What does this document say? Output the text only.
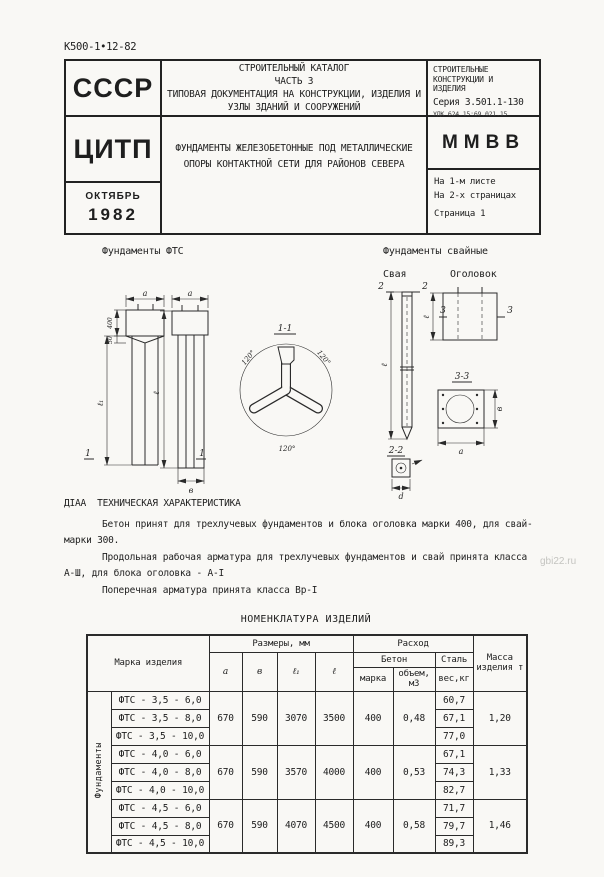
К500-1•12-82
СССР
ЦИТП
ОКТЯБРЬ
1982
СТРОИТЕЛЬНЫЙ КАТАЛОГ
ЧАСТЬ 3
ТИПОВАЯ ДОКУМЕНТАЦИЯ НА КОНСТРУКЦИИ, ИЗДЕЛИЯ И
УЗЛЫ ЗДАНИЙ И СООРУЖЕНИЙ
ФУНДАМЕНТЫ ЖЕЛЕЗОБЕТОННЫЕ ПОД МЕТАЛЛИЧЕСКИЕ
ОПОРЫ КОНТАКТНОЙ СЕТИ ДЛЯ РАЙОНОВ СЕВЕРА
СТРОИТЕЛЬНЫЕ
КОНСТРУКЦИИ И
ИЗДЕЛИЯ
Серия 3.501.1-130
УДК 624.15:69.021.15
ММВВ
На 1-м листе
На 2-х страницах
Страница 1
Фундаменты ФТС	Фундаменты свайные
Свая	Оголовок
а
400
30
ℓ₁
1	1
а
ℓ
в
1-1
120°	120°
120°
2	2
ℓ
2-2
d
ℓ
3	3
3-3
а
в
ДIAA  ТЕХНИЧЕСКАЯ ХАРАКТЕРИСТИКА
Бетон принят для трехлучевых фундаментов и блока оголовка марки 400, для свай-
марки 300.
Продольная рабочая арматура для трехлучевых фундаментов и свай принята класса
А-Ш, для блока оголовка - А-I
Поперечная арматура принята класса Вр-I
gbi22.ru
НОМЕНКЛАТУРА ИЗДЕЛИЙ
Марка изделия		Размеры, мм				Расход			Масса изделия т
		а	в	ℓ₁	ℓ	Бетон		Сталь	
						марка	объем, м3	вес,кг	
Фундаменты	ФТС - 3,5 - 6,0	670	590	3070	3500	400	0,48	60,7	1,20
	ФТС - 3,5 - 8,0							67,1	
	ФТС - 3,5 - 10,0							77,0	
	ФТС - 4,0 - 6,0	670	590	3570	4000	400	0,53	67,1	1,33
	ФТС - 4,0 - 8,0							74,3	
	ФТС - 4,0 - 10,0							82,7	
	ФТС - 4,5 - 6,0	670	590	4070	4500	400	0,58	71,7	1,46
	ФТС - 4,5 - 8,0							79,7	
	ФТС - 4,5 - 10,0							89,3	
